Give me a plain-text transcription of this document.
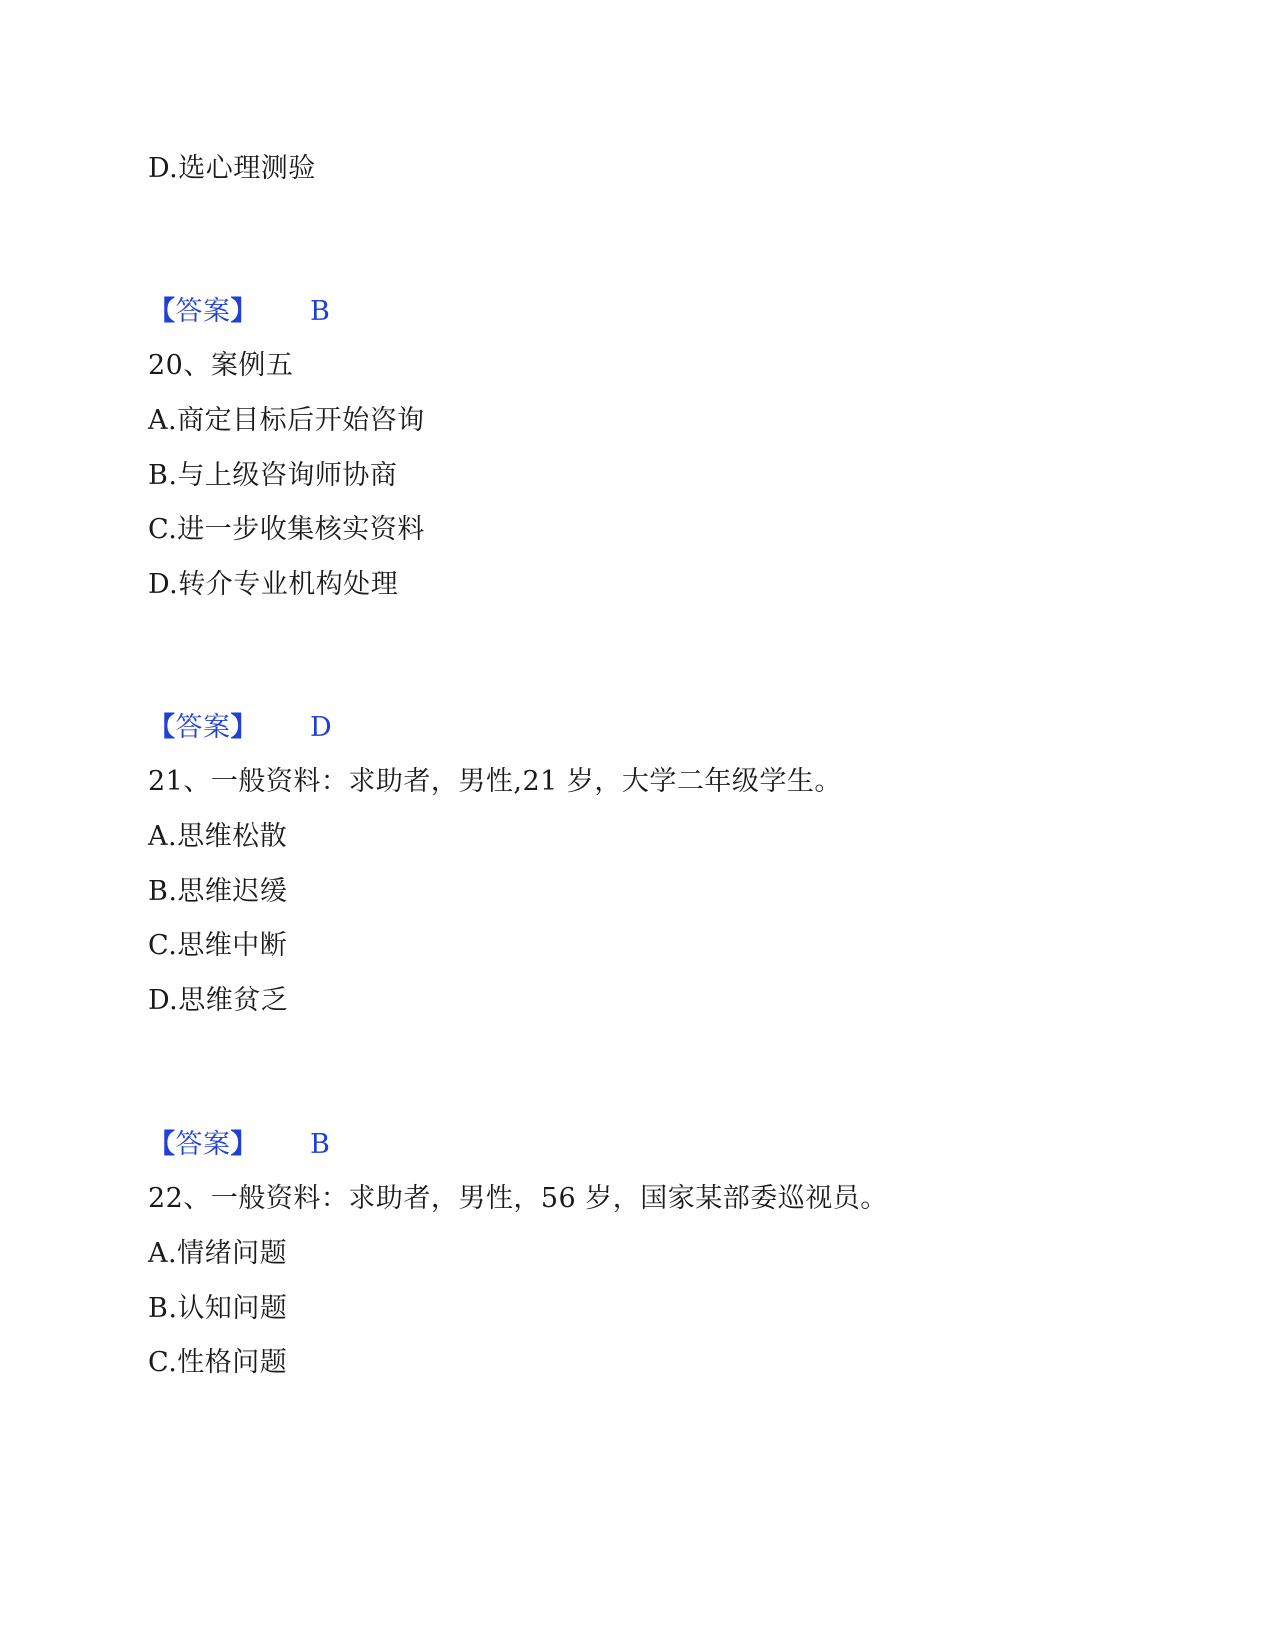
D.选心理测验
【答案】 B
20、案例五
A.商定目标后开始咨询
B.与上级咨询师协商
C.进一步收集核实资料
D.转介专业机构处理
【答案】 D
21、一般资料：求助者，男性,21 岁，大学二年级学生。
A.思维松散
B.思维迟缓
C.思维中断
D.思维贫乏
【答案】 B
22、一般资料：求助者，男性，56 岁，国家某部委巡视员。
A.情绪问题
B.认知问题
C.性格问题
